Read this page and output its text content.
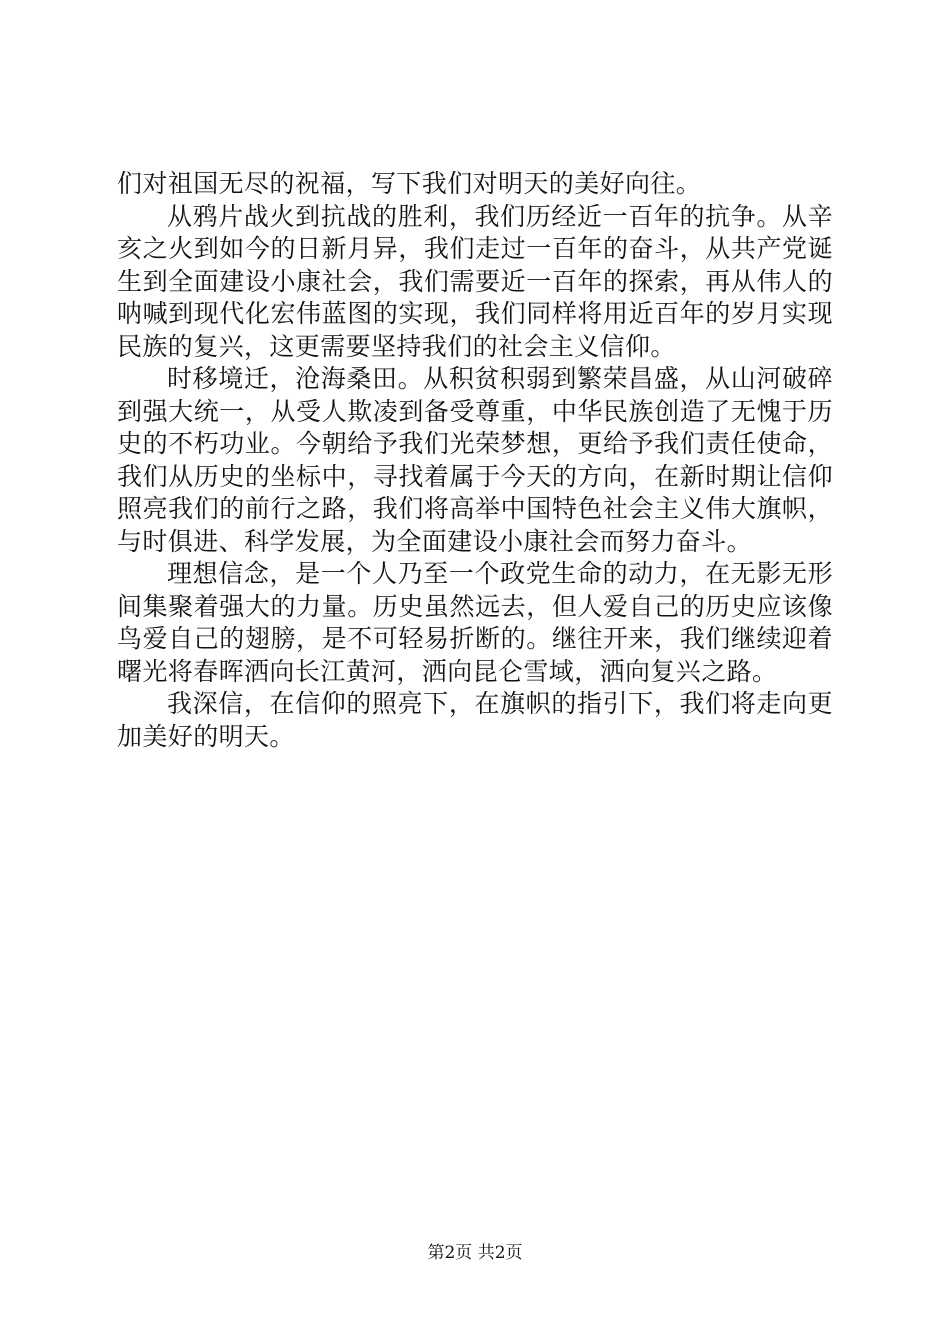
们对祖国无尽的祝福，写下我们对明天的美好向往。

从鸦片战火到抗战的胜利，我们历经近一百年的抗争。从辛亥之火到如今的日新月异，我们走过一百年的奋斗，从共产党诞生到全面建设小康社会，我们需要近一百年的探索，再从伟人的呐喊到现代化宏伟蓝图的实现，我们同样将用近百年的岁月实现民族的复兴，这更需要坚持我们的社会主义信仰。

时移境迁，沧海桑田。从积贫积弱到繁荣昌盛，从山河破碎到强大统一，从受人欺凌到备受尊重，中华民族创造了无愧于历史的不朽功业。今朝给予我们光荣梦想，更给予我们责任使命，我们从历史的坐标中，寻找着属于今天的方向，在新时期让信仰照亮我们的前行之路，我们将高举中国特色社会主义伟大旗帜，与时俱进、科学发展，为全面建设小康社会而努力奋斗。

理想信念，是一个人乃至一个政党生命的动力，在无影无形间集聚着强大的力量。历史虽然远去，但人爱自己的历史应该像鸟爱自己的翅膀，是不可轻易折断的。继往开来，我们继续迎着曙光将春晖洒向长江黄河，洒向昆仑雪域，洒向复兴之路。

我深信，在信仰的照亮下，在旗帜的指引下，我们将走向更加美好的明天。

第2页 共2页
